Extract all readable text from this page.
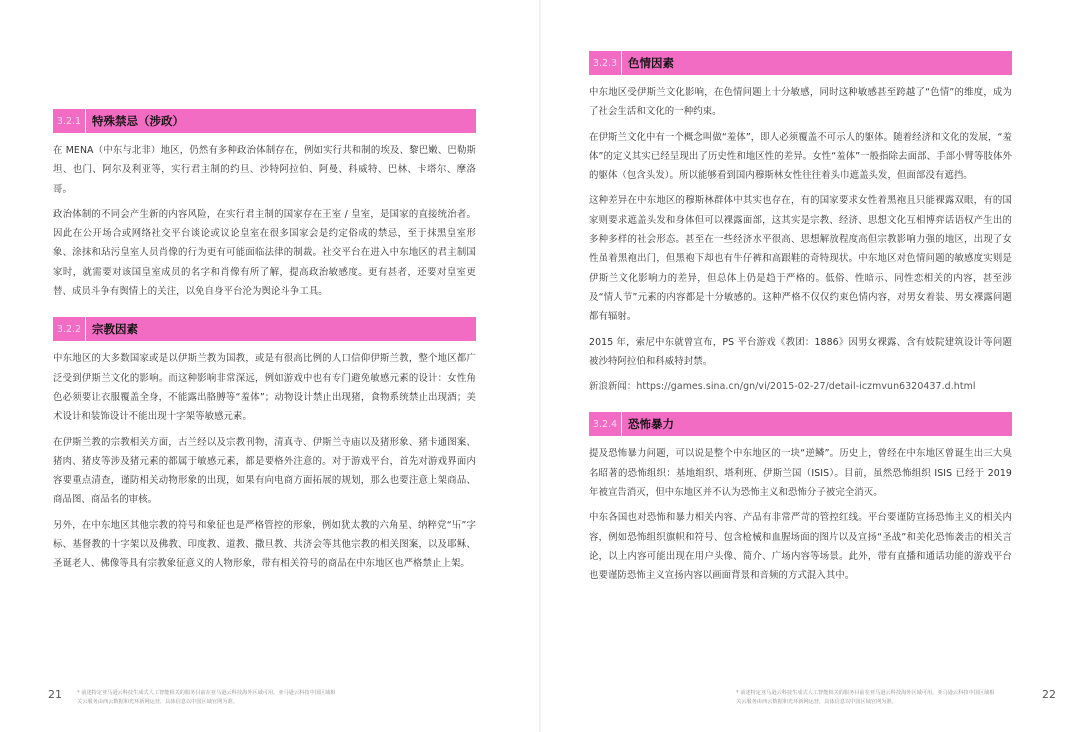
3.2.1 特殊禁忌（涉政）

在 MENA（中东与北非）地区，仍然有多种政治体制存在，例如实行共和制的埃及、黎巴嫩、巴勒斯坦、也门、阿尔及利亚等，实行君主制的约旦、沙特阿拉伯、阿曼、科威特、巴林、卡塔尔、摩洛哥。

政治体制的不同会产生新的内容风险，在实行君主制的国家存在王室 / 皇室，是国家的直接统治者。因此在公开场合或网络社交平台谈论或议论皇室在很多国家会是约定俗成的禁忌，至于抹黑皇室形象、涂抹和玷污皇室人员肖像的行为更有可能面临法律的制裁。社交平台在进入中东地区的君主制国家时，就需要对该国皇室成员的名字和肖像有所了解，提高政治敏感度。更有甚者，还要对皇室更替、成员斗争有舆情上的关注，以免自身平台沦为舆论斗争工具。

3.2.2 宗教因素

中东地区的大多数国家或是以伊斯兰教为国教，或是有很高比例的人口信仰伊斯兰教，整个地区都广泛受到伊斯兰文化的影响。而这种影响非常深远，例如游戏中也有专门避免敏感元素的设计：女性角色必须要让衣服覆盖全身，不能露出胳膊等“羞体”；动物设计禁止出现猪，食物系统禁止出现酒；美术设计和装饰设计不能出现十字架等敏感元素。

在伊斯兰教的宗教相关方面，古兰经以及宗教刊物，清真寺、伊斯兰寺庙以及猪形象、猪卡通图案、猪肉、猪皮等涉及猪元素的都属于敏感元素，都是要格外注意的。对于游戏平台，首先对游戏界面内容要重点清查，谨防相关动物形象的出现，如果有向电商方面拓展的规划，那么也要注意上架商品、商品图、商品名的审核。

另外，在中东地区其他宗教的符号和象征也是严格管控的形象，例如犹太教的六角星、纳粹党“卐”字标、基督教的十字架以及佛教、印度教、道教、撒旦教、共济会等其他宗教的相关图案，以及耶稣、圣诞老人、佛像等具有宗教象征意义的人物形象，带有相关符号的商品在中东地区也严格禁止上架。

21	* 前述特定亚马逊云科技生成式人工智能相关的服务目前在亚马逊云科技海外区域可用。亚马逊云科技中国区域相关云服务由西云数据和光环新网运营，具体信息以中国区域官网为准。
3.2.3 色情因素

中东地区受伊斯兰文化影响，在色情问题上十分敏感，同时这种敏感甚至跨越了“色情”的维度，成为了社会生活和文化的一种约束。

在伊斯兰文化中有一个概念叫做“羞体”，即人必须覆盖不可示人的躯体。随着经济和文化的发展，“羞体”的定义其实已经呈现出了历史性和地区性的差异。女性“羞体”一般指除去面部、手部小臂等肢体外的躯体（包含头发）。所以能够看到国内穆斯林女性往往着头巾遮盖头发，但面部没有遮挡。

这种差异在中东地区的穆斯林群体中其实也存在，有的国家要求女性着黑袍且只能裸露双眼，有的国家则要求遮盖头发和身体但可以裸露面部，这其实是宗教、经济、思想文化互相博弈话语权产生出的多种多样的社会形态。甚至在一些经济水平很高、思想解放程度高但宗教影响力强的地区，出现了女性虽着黑袍出门，但黑袍下却也有牛仔裤和高跟鞋的奇特现状。中东地区对色情问题的敏感度实则是伊斯兰文化影响力的差异，但总体上仍是趋于严格的。低俗、性暗示、同性恋相关的内容，甚至涉及“情人节”元素的内容都是十分敏感的。这种严格不仅仅约束色情内容，对男女着装、男女裸露问题都有辐射。

2015 年，索尼中东就曾宣布，PS 平台游戏《教团：1886》因男女裸露、含有妓院建筑设计等问题被沙特阿拉伯和科威特封禁。

新浪新闻：https://games.sina.cn/gn/vi/2015-02-27/detail-iczmvun6320437.d.html

3.2.4 恐怖暴力

提及恐怖暴力问题，可以说是整个中东地区的一块“逆鳞”。历史上，曾经在中东地区曾诞生出三大臭名昭著的恐怖组织：基地组织、塔利班、伊斯兰国（ISIS）。目前，虽然恐怖组织 ISIS 已经于 2019 年被宣告消灭，但中东地区并不认为恐怖主义和恐怖分子被完全消灭。

中东各国也对恐怖和暴力相关内容、产品有非常严苛的管控红线。平台要谨防宣扬恐怖主义的相关内容，例如恐怖组织旗帜和符号、包含枪械和血腥场面的图片以及宣扬“圣战”和美化恐怖袭击的相关言论，以上内容可能出现在用户头像、简介、广场内容等场景。此外，带有直播和通话功能的游戏平台也要谨防恐怖主义宣扬内容以画面背景和音频的方式混入其中。

* 前述特定亚马逊云科技生成式人工智能相关的服务目前在亚马逊云科技海外区域可用。亚马逊云科技中国区域相关云服务由西云数据和光环新网运营，具体信息以中国区域官网为准。
22
